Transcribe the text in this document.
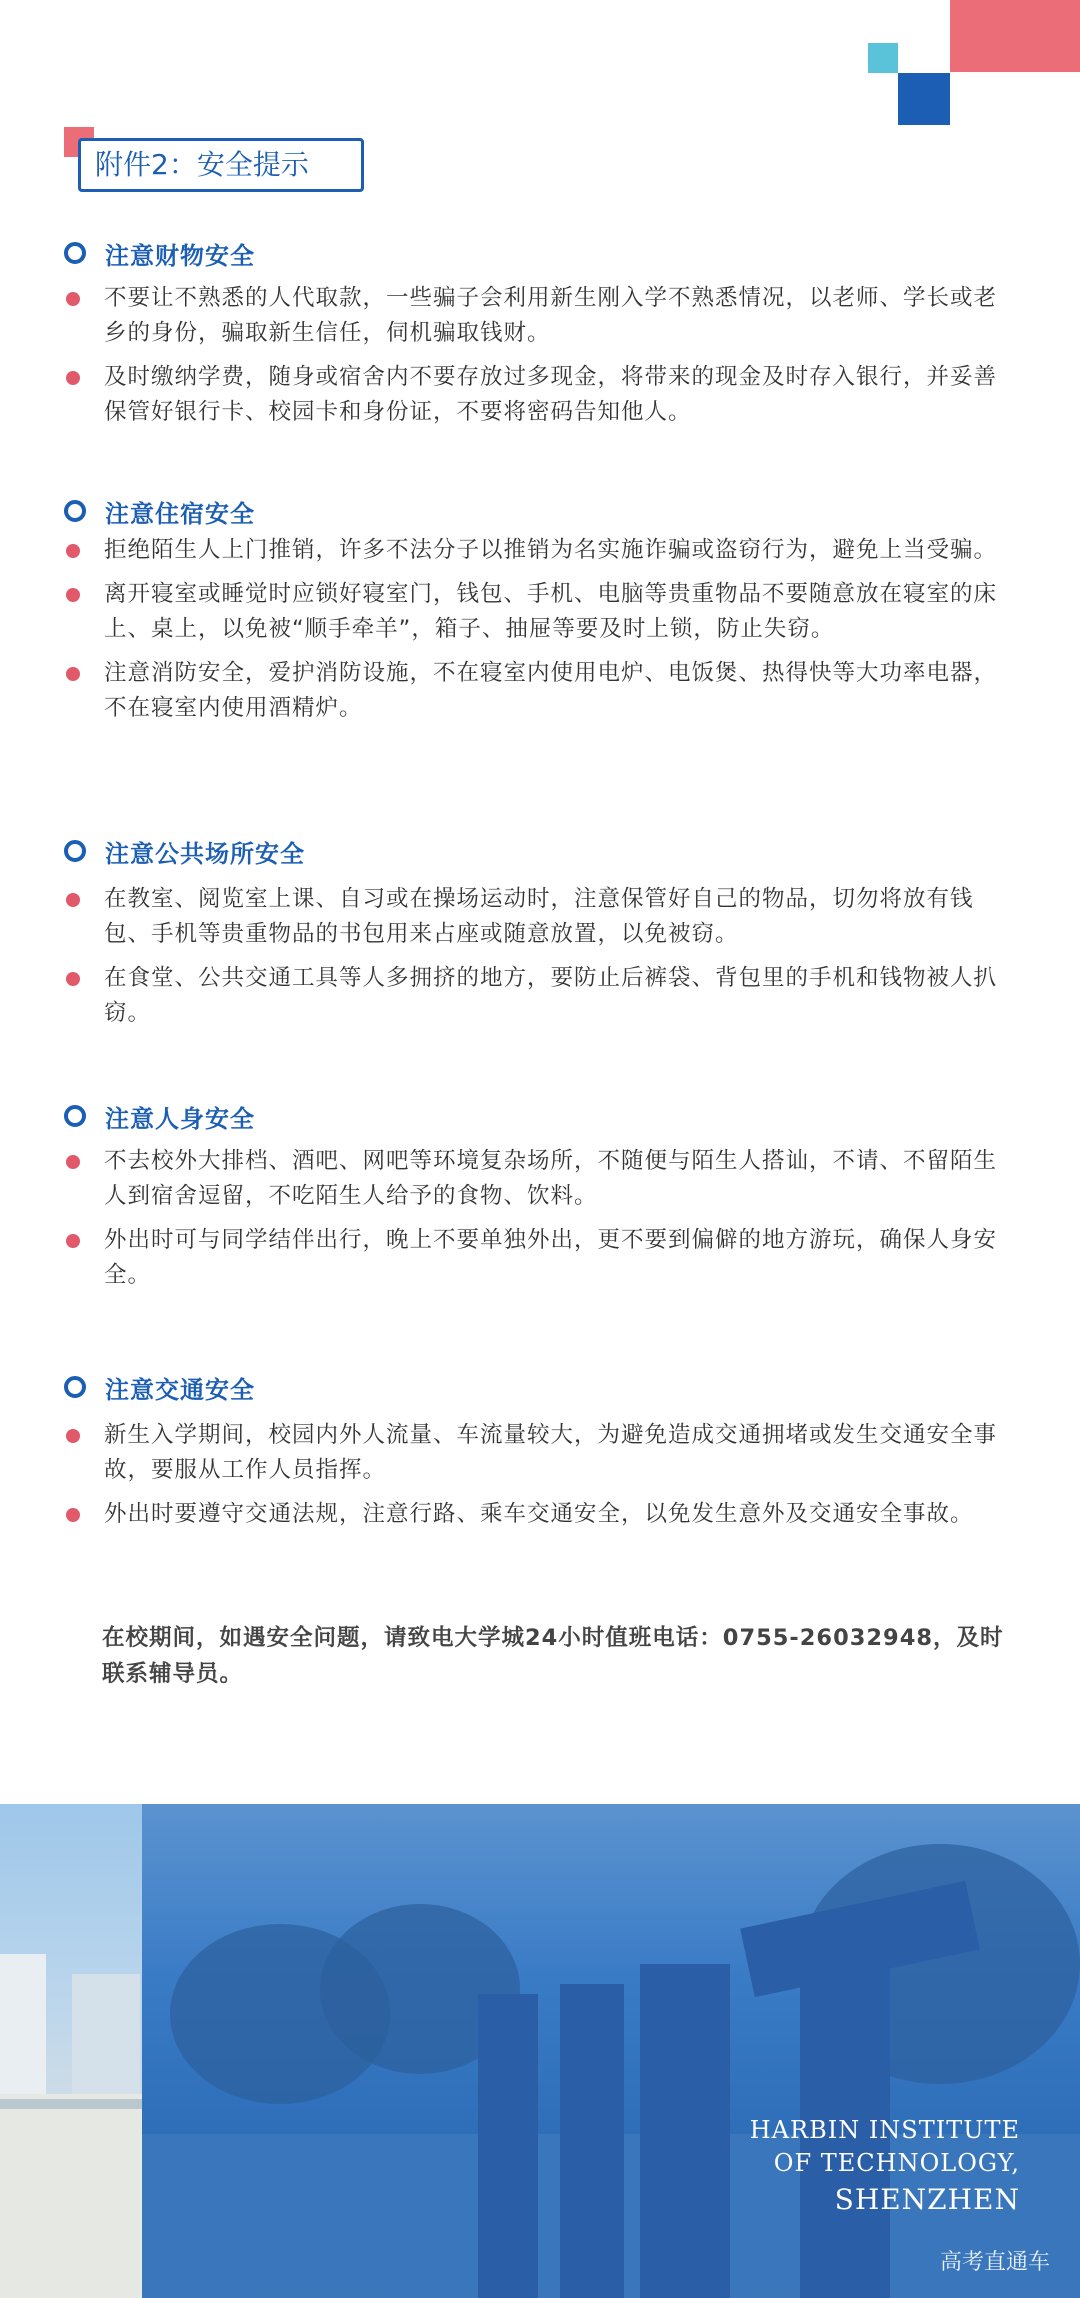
附件2：安全提示
注意财物安全
不要让不熟悉的人代取款，一些骗子会利用新生刚入学不熟悉情况，以老师、学长或老乡的身份，骗取新生信任，伺机骗取钱财。
及时缴纳学费，随身或宿舍内不要存放过多现金，将带来的现金及时存入银行，并妥善保管好银行卡、校园卡和身份证，不要将密码告知他人。
注意住宿安全
拒绝陌生人上门推销，许多不法分子以推销为名实施诈骗或盗窃行为，避免上当受骗。
离开寝室或睡觉时应锁好寝室门，钱包、手机、电脑等贵重物品不要随意放在寝室的床上、桌上，以免被“顺手牵羊”，箱子、抽屉等要及时上锁，防止失窃。
注意消防安全，爱护消防设施，不在寝室内使用电炉、电饭煲、热得快等大功率电器，不在寝室内使用酒精炉。
注意公共场所安全
在教室、阅览室上课、自习或在操场运动时，注意保管好自己的物品，切勿将放有钱包、手机等贵重物品的书包用来占座或随意放置，以免被窃。
在食堂、公共交通工具等人多拥挤的地方，要防止后裤袋、背包里的手机和钱物被人扒窃。
注意人身安全
不去校外大排档、酒吧、网吧等环境复杂场所，不随便与陌生人搭讪，不请、不留陌生人到宿舍逗留，不吃陌生人给予的食物、饮料。
外出时可与同学结伴出行，晚上不要单独外出，更不要到偏僻的地方游玩，确保人身安全。
注意交通安全
新生入学期间，校园内外人流量、车流量较大，为避免造成交通拥堵或发生交通安全事故，要服从工作人员指挥。
外出时要遵守交通法规，注意行路、乘车交通安全，以免发生意外及交通安全事故。
在校期间，如遇安全问题，请致电大学城24小时值班电话：0755-26032948，及时联系辅导员。
HARBIN INSTITUTE
OF TECHNOLOGY,
SHENZHEN
高考直通车
